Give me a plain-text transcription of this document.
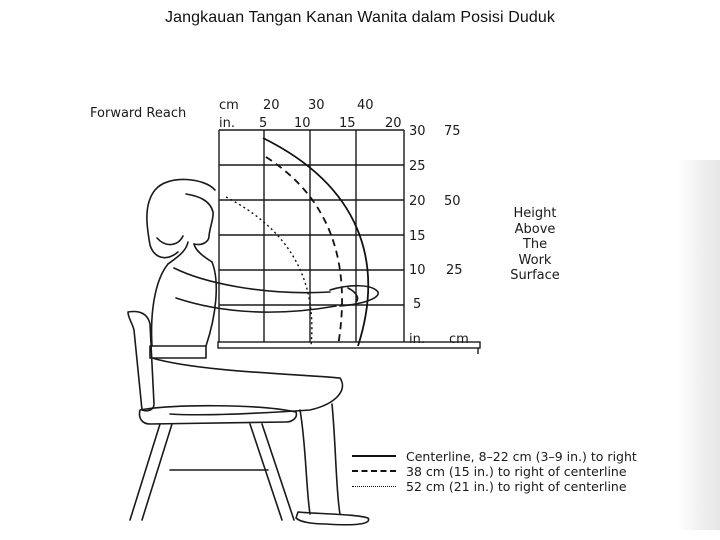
Jangkauan Tangan Kanan Wanita dalam Posisi Duduk
Forward Reach
cm
in.
20 30 40
5 10 15 20
30
25
20
15
10
5
75
50
25
in. cm
Height
Above
The
Work
Surface
Centerline, 8–22 cm (3–9 in.) to right
38 cm (15 in.) to right of centerline
52 cm (21 in.) to right of centerline
